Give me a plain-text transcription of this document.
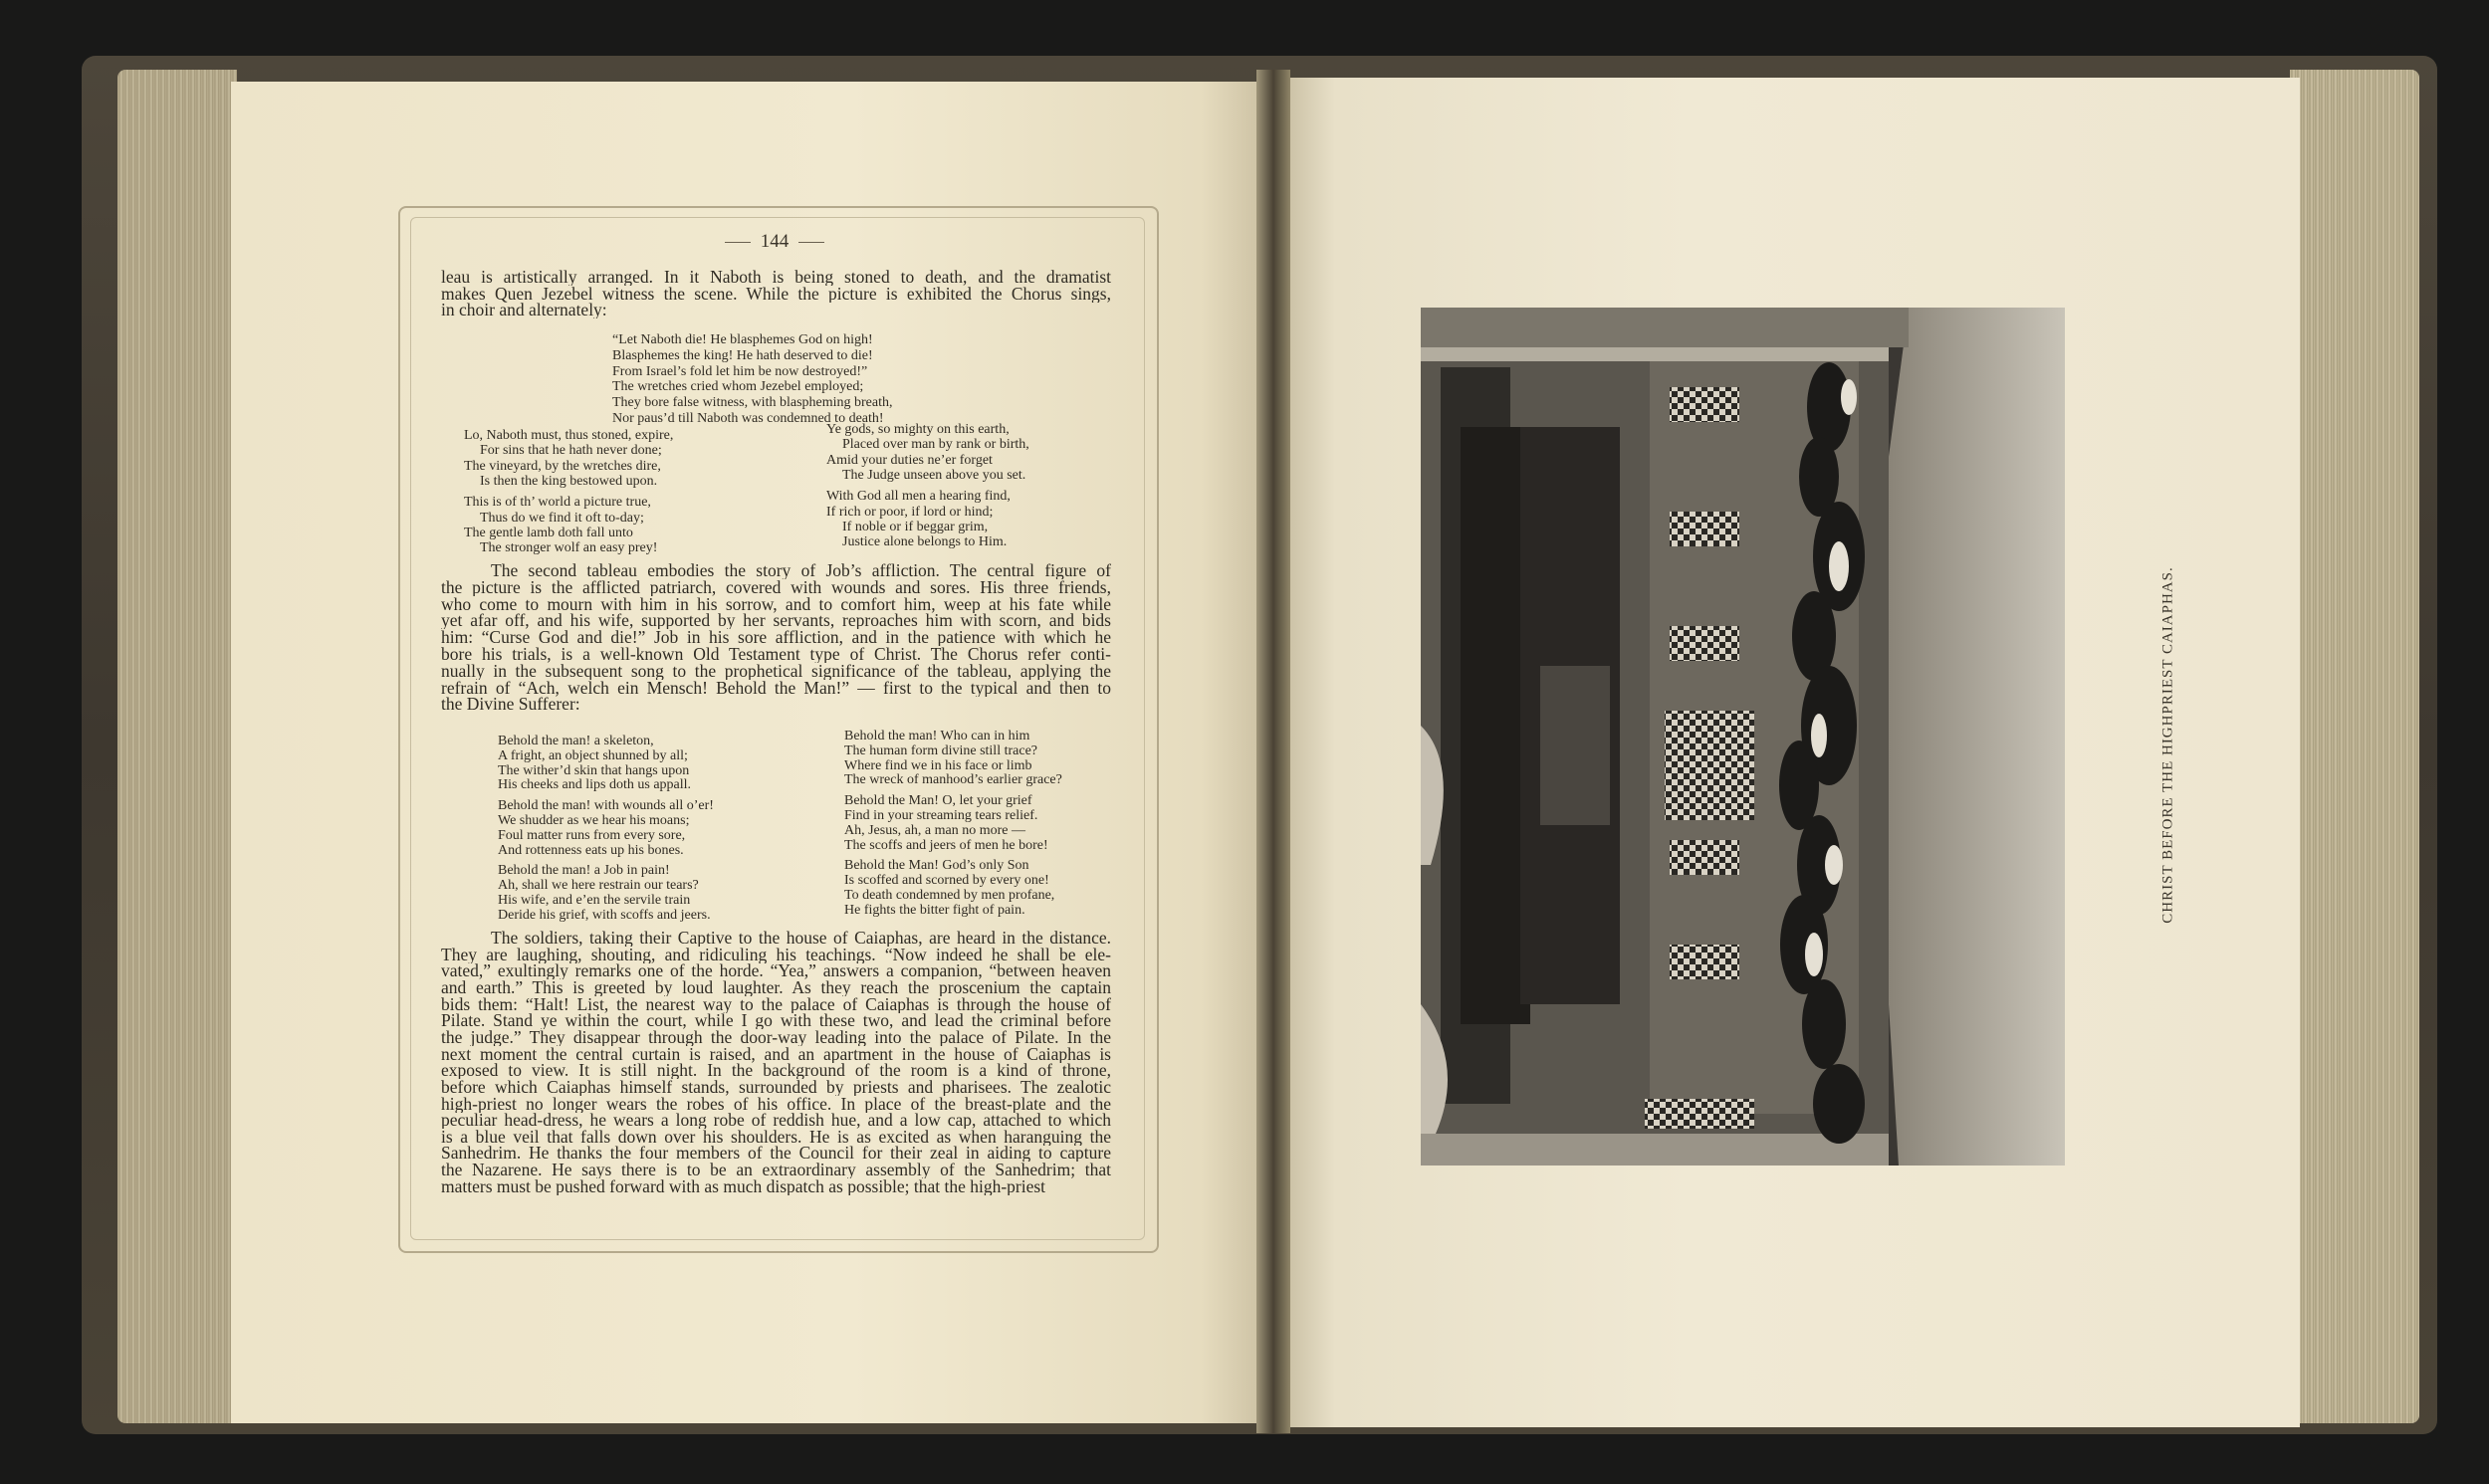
144
leau is artistically arranged. In it Naboth is being stoned to death, and the dramatist
makes Quen Jezebel witness the scene. While the picture is exhibited the Chorus sings,
in choir and alternately:
“Let Naboth die! He blasphemes God on high!
Blasphemes the king! He hath deserved to die!
From Israel’s fold let him be now destroyed!”
The wretches cried whom Jezebel employed;
They bore false witness, with blaspheming breath,
Nor paus’d till Naboth was condemned to death!
Lo, Naboth must, thus stoned, expire,
For sins that he hath never done;
The vineyard, by the wretches dire,
Is then the king bestowed upon.
This is of th’ world a picture true,
Thus do we find it oft to-day;
The gentle lamb doth fall unto
The stronger wolf an easy prey!
Ye gods, so mighty on this earth,
Placed over man by rank or birth,
Amid your duties ne’er forget
The Judge unseen above you set.
With God all men a hearing find,
If rich or poor, if lord or hind;
If noble or if beggar grim,
Justice alone belongs to Him.
The second tableau embodies the story of Job’s affliction. The central figure of
the picture is the afflicted patriarch, covered with wounds and sores. His three friends,
who come to mourn with him in his sorrow, and to comfort him, weep at his fate while
yet afar off, and his wife, supported by her servants, reproaches him with scorn, and bids
him: “Curse God and die!” Job in his sore affliction, and in the patience with which he
bore his trials, is a well-known Old Testament type of Christ. The Chorus refer conti-
nually in the subsequent song to the prophetical significance of the tableau, applying the
refrain of “Ach, welch ein Mensch! Behold the Man!” — first to the typical and then to
the Divine Sufferer:
Behold the man! a skeleton,
A fright, an object shunned by all;
The wither’d skin that hangs upon
His cheeks and lips doth us appall.
Behold the man! with wounds all o’er!
We shudder as we hear his moans;
Foul matter runs from every sore,
And rottenness eats up his bones.
Behold the man! a Job in pain!
Ah, shall we here restrain our tears?
His wife, and e’en the servile train
Deride his grief, with scoffs and jeers.
Behold the man! Who can in him
The human form divine still trace?
Where find we in his face or limb
The wreck of manhood’s earlier grace?
Behold the Man! O, let your grief
Find in your streaming tears relief.
Ah, Jesus, ah, a man no more —
The scoffs and jeers of men he bore!
Behold the Man! God’s only Son
Is scoffed and scorned by every one!
To death condemned by men profane,
He fights the bitter fight of pain.
The soldiers, taking their Captive to the house of Caiaphas, are heard in the distance.
They are laughing, shouting, and ridiculing his teachings. “Now indeed he shall be ele-
vated,” exultingly remarks one of the horde. “Yea,” answers a companion, “between heaven
and earth.” This is greeted by loud laughter. As they reach the proscenium the captain
bids them: “Halt! List, the nearest way to the palace of Caiaphas is through the house of
Pilate. Stand ye within the court, while I go with these two, and lead the criminal before
the judge.” They disappear through the door-way leading into the palace of Pilate. In the
next moment the central curtain is raised, and an apartment in the house of Caiaphas is
exposed to view. It is still night. In the background of the room is a kind of throne,
before which Caiaphas himself stands, surrounded by priests and pharisees. The zealotic
high-priest no longer wears the robes of his office. In place of the breast-plate and the
peculiar head-dress, he wears a long robe of reddish hue, and a low cap, attached to which
is a blue veil that falls down over his shoulders. He is as excited as when haranguing the
Sanhedrim. He thanks the four members of the Council for their zeal in aiding to capture
the Nazarene. He says there is to be an extraordinary assembly of the Sanhedrim; that
matters must be pushed forward with as much dispatch as possible; that the high-priest
CHRIST BEFORE THE HIGHPRIEST CAIAPHAS.
